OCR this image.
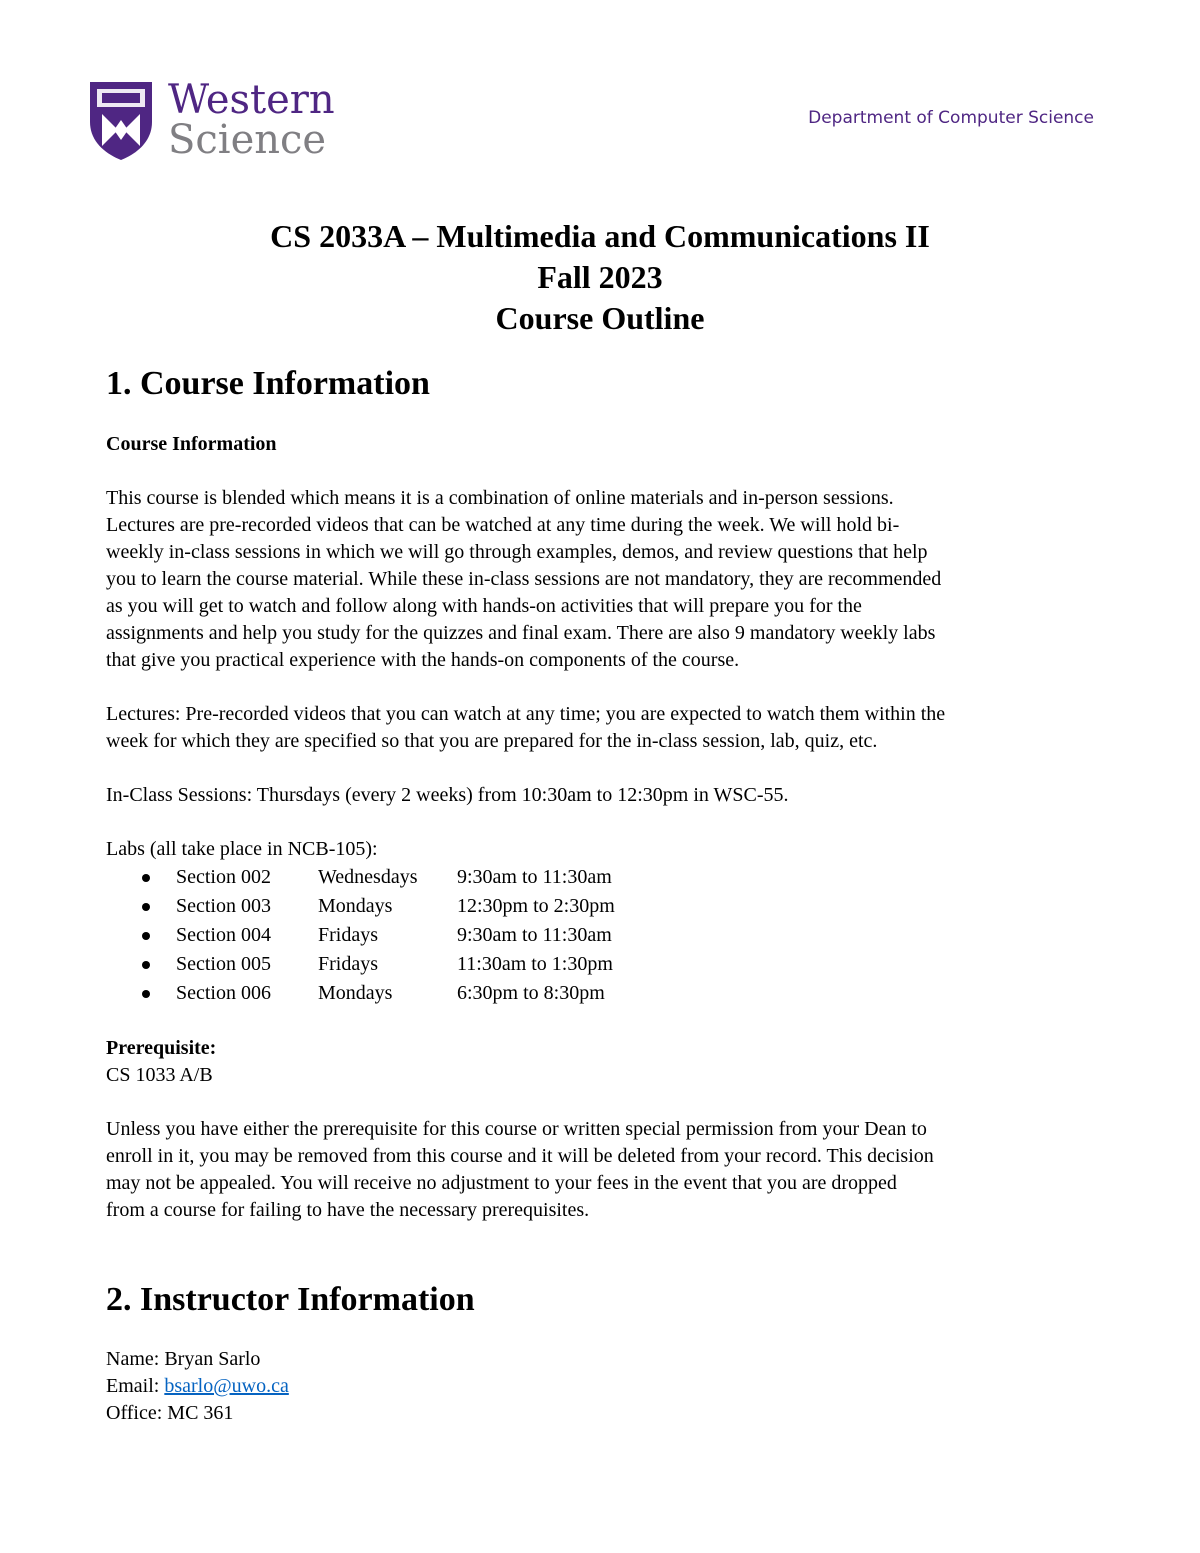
Western
Science	Department of Computer Science
CS 2033A – Multimedia and Communications II
Fall 2023
Course Outline
1. Course Information
Course Information
This course is blended which means it is a combination of online materials and in-person sessions.
Lectures are pre-recorded videos that can be watched at any time during the week. We will hold bi-
weekly in-class sessions in which we will go through examples, demos, and review questions that help
you to learn the course material. While these in-class sessions are not mandatory, they are recommended
as you will get to watch and follow along with hands-on activities that will prepare you for the
assignments and help you study for the quizzes and final exam. There are also 9 mandatory weekly labs
that give you practical experience with the hands-on components of the course.
Lectures: Pre-recorded videos that you can watch at any time; you are expected to watch them within the
week for which they are specified so that you are prepared for the in-class session, lab, quiz, etc.
In-Class Sessions: Thursdays (every 2 weeks) from 10:30am to 12:30pm in WSC-55.
Labs (all take place in NCB-105):
Section 002 Wednesdays 9:30am to 11:30am
Section 003 Mondays	12:30pm to 2:30pm
Section 004 Fridays	9:30am to 11:30am
Section 005 Fridays	11:30am to 1:30pm
Section 006 Mondays	6:30pm to 8:30pm
Prerequisite:
CS 1033 A/B
Unless you have either the prerequisite for this course or written special permission from your Dean to
enroll in it, you may be removed from this course and it will be deleted from your record. This decision
may not be appealed. You will receive no adjustment to your fees in the event that you are dropped
from a course for failing to have the necessary prerequisites.
2. Instructor Information
Name: Bryan Sarlo
Email: bsarlo@uwo.ca
Office: MC 361
